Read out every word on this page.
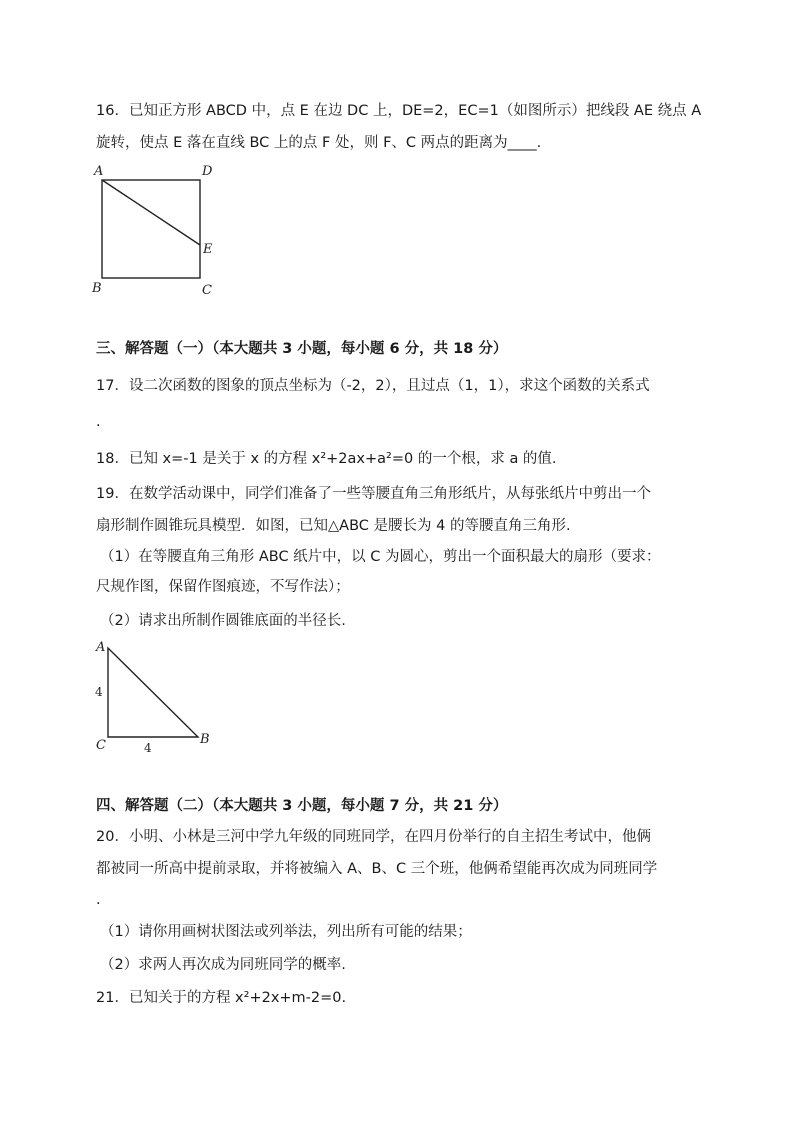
16．已知正方形 ABCD 中，点 E 在边 DC 上，DE=2，EC=1（如图所示）把线段 AE 绕点 A
旋转，使点 E 落在直线 BC 上的点 F 处，则 F、C 两点的距离为____.
A	D
E
B	C
三、解答题（一）（本大题共 3 小题，每小题 6 分，共 18 分）
17．设二次函数的图象的顶点坐标为（-2，2），且过点（1，1），求这个函数的关系式
.
18．已知 x=-1 是关于 x 的方程 x²+2ax+a²=0 的一个根，求 a 的值.
19．在数学活动课中，同学们准备了一些等腰直角三角形纸片，从每张纸片中剪出一个
扇形制作圆锥玩具模型．如图，已知△ABC 是腰长为 4 的等腰直角三角形.
（1）在等腰直角三角形 ABC 纸片中，以 C 为圆心，剪出一个面积最大的扇形（要求：
尺规作图，保留作图痕迹，不写作法）；
（2）请求出所制作圆锥底面的半径长.
A
B
C
4
4
四、解答题（二）（本大题共 3 小题，每小题 7 分，共 21 分）
20．小明、小林是三河中学九年级的同班同学，在四月份举行的自主招生考试中，他俩
都被同一所高中提前录取，并将被编入 A、B、C 三个班，他俩希望能再次成为同班同学
.
（1）请你用画树状图法或列举法，列出所有可能的结果；
（2）求两人再次成为同班同学的概率.
21．已知关于的方程 x²+2x+m-2=0.
